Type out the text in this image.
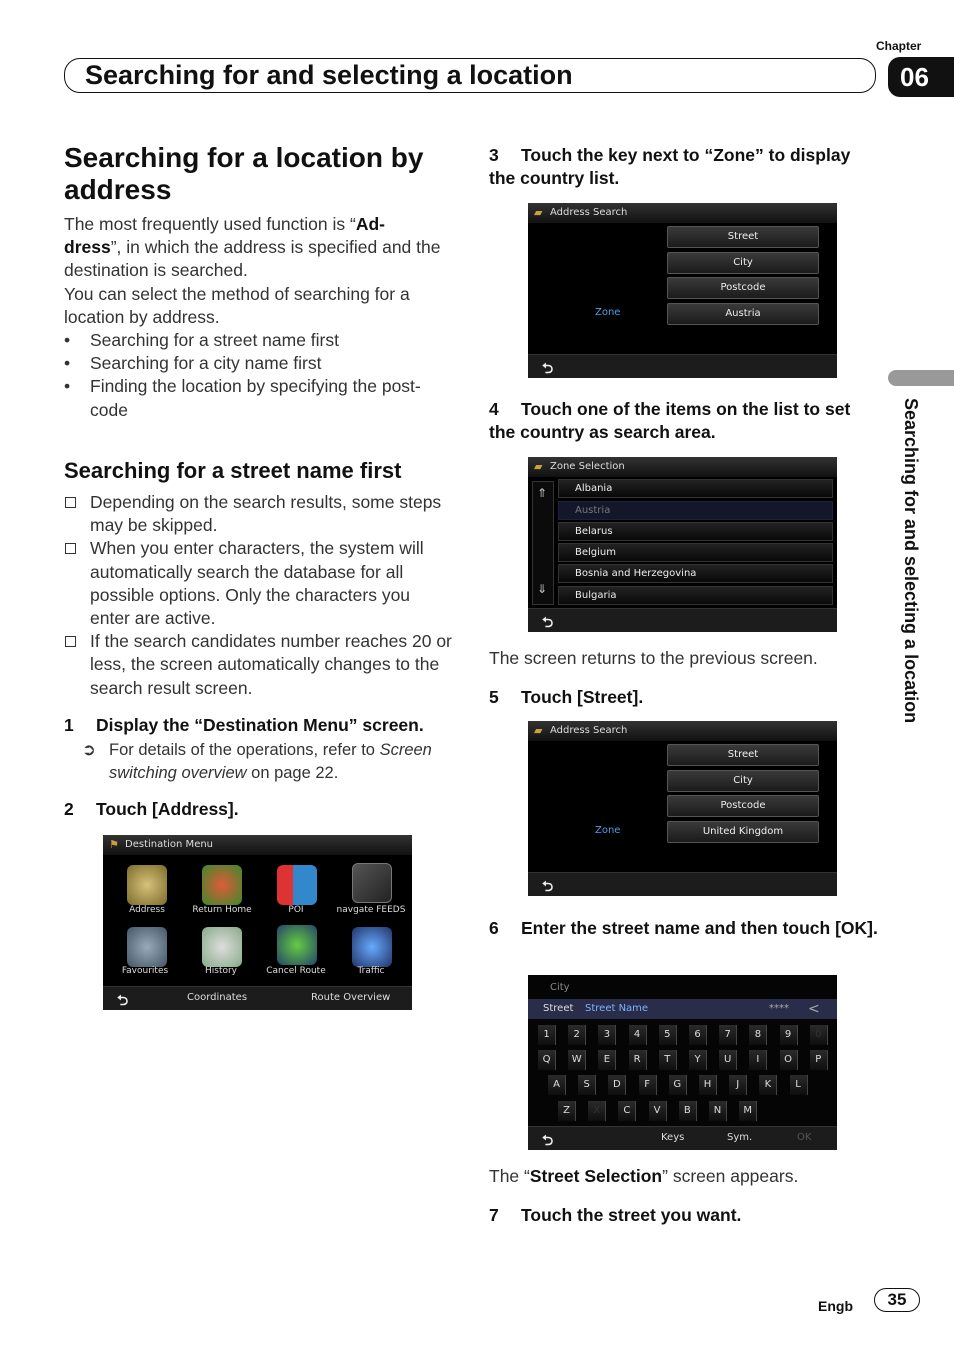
Chapter
06
Searching for and selecting a location
Searching for and selecting a location
Searching for a location by address
The most frequently used function is “Ad-
dress”, in which the address is specified and the destination is searched.
You can select the method of searching for a location by address.
• Searching for a street name first
• Searching for a city name first
• Finding the location by specifying the post-code
Searching for a street name first
Depending on the search results, some steps may be skipped.
When you enter characters, the system will automatically search the database for all possible options. Only the characters you enter are active.
If the search candidates number reaches 20 or less, the screen automatically changes to the search result screen.
1 Display the “Destination Menu” screen.
➲ For details of the operations, refer to Screen switching overview on page 22.
2 Touch [Address].
⚑ Destination Menu
Address	Return Home	POI	navgate FEEDS
Favourites	History	Cancel Route	Traffic
⮌	Coordinates	Route Overview
3 Touch the key next to “Zone” to display the country list.
▰ Address Search
Street
City
Postcode
Zone	Austria
⮌
4 Touch one of the items on the list to set the country as search area.
▰ Zone Selection
⇑
⇓
Albania
Austria
Belarus
Belgium
Bosnia and Herzegovina
Bulgaria
⮌
The screen returns to the previous screen.
5 Touch [Street].
▰ Address Search
Street
City
Postcode
Zone	United Kingdom
⮌
6 Enter the street name and then touch [OK].
City
Street Street Name	**** <
1	2	3	4	5	6	7	8	9	0
Q	W	E	R	T	Y	U	I	O	P
A	S	D	F	G	H	J	K	L
Z	X	C	V	B	N	M
⮌	Keys	Sym.	OK
The “Street Selection” screen appears.
7 Touch the street you want.
Engb	35
